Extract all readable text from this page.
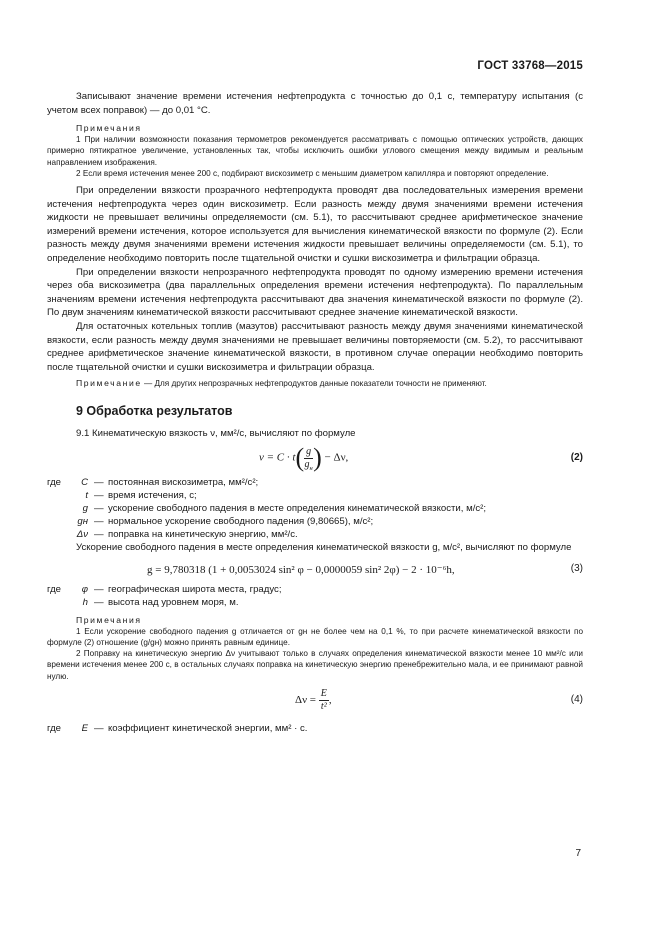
ГОСТ 33768—2015

Записывают значение времени истечения нефтепродукта с точностью до 0,1 с, температуру испытания (с учетом всех поправок) — до 0,01 °С.

Примечания

1 При наличии возможности показания термометров рекомендуется рассматривать с помощью оптических устройств, дающих примерно пятикратное увеличение, установленных так, чтобы исключить ошибки углового смещения между видимым и реальным направлением изображения.

2 Если время истечения менее 200 с, подбирают вискозиметр с меньшим диаметром капилляра и повторяют определение.

При определении вязкости прозрачного нефтепродукта проводят два последовательных измерения времени истечения нефтепродукта через один вискозиметр. Если разность между двумя значениями времени истечения жидкости не превышает величины определяемости (см. 5.1), то рассчитывают среднее арифметическое значение измерений времени истечения, которое используется для вычисления кинематической вязкости по формуле (2). Если разность между двумя значениями времени истечения жидкости превышает величины определяемости (см. 5.1), то определение необходимо повторить после тщательной очистки и сушки вискозиметра и фильтрации образца.

При определении вязкости непрозрачного нефтепродукта проводят по одному измерению времени истечения через оба вискозиметра (два параллельных определения времени истечения нефтепродукта). По параллельным значениям времени истечения нефтепродукта рассчитывают два значения кинематической вязкости по формуле (2). По двум значениям кинематической вязкости рассчитывают среднее значение кинематической вязкости.

Для остаточных котельных топлив (мазутов) рассчитывают разность между двумя значениями кинематической вязкости, если разность между двумя значениями не превышает величины повторяемости (см. 5.2), то рассчитывают среднее арифметическое значение кинематической вязкости, в противном случае операции необходимо повторить после тщательной очистки и сушки вискозиметра и фильтрации образца.

Примечание — Для других непрозрачных нефтепродуктов данные показатели точности не применяют.

9 Обработка результатов

9.1 Кинематическую вязкость ν, мм²/с, вычисляют по формуле

$\nu = C \cdot t( \frac{g}{g_н}$ ) − Δν,	(2)
где	C — постоянная вискозиметра, мм²/с²;
t — время истечения, с;
g — ускорение свободного падения в месте определения кинематической вязкости, м/с²;
gн — нормальное ускорение свободного падения (9,80665), м/с²;
Δν — поправка на кинетическую энергию, мм²/с.

Ускорение свободного падения в месте определения кинематической вязкости g, м/с², вычисляют по формуле

g = 9,780318 (1 + 0,0053024 sin² φ − 0,0000059 sin² 2φ) − 2 · 10⁻⁶h,	(3)
где	φ — географическая широта места, градус;
h — высота над уровнем моря, м.

Примечания

1 Если ускорение свободного падения g отличается от gн не более чем на 0,1 %, то при расчете кинематической вязкости по формуле (2) отношение (g/gн) можно принять равным единице.

2 Поправку на кинетическую энергию Δν учитывают только в случаях определения кинематической вязкости менее 10 мм²/с или времени истечения менее 200 с, в остальных случаях поправка на кинетическую энергию пренебрежительно мала, и ее принимают равной нулю.

$\Delta\nu = \frac{E}{\text{t²}}$ ,	(4)
где	E — коэффициент кинетической энергии, мм² · с.
7
